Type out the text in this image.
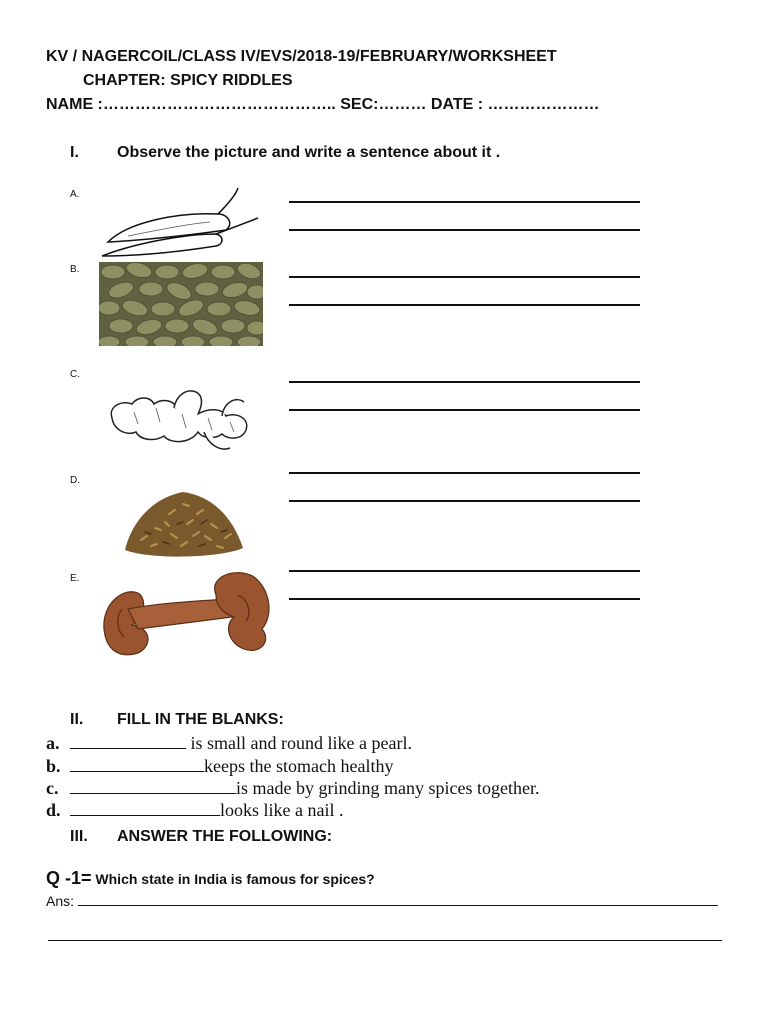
KV / NAGERCOIL/CLASS IV/EVS/2018-19/FEBRUARY/WORKSHEET
CHAPTER: SPICY RIDDLES
NAME :…………………………………….. SEC:……… DATE : …………………
I. Observe the picture and write a sentence about it .
A.
B.
C.
D.
E.
II. FILL IN THE BLANKS:
a.	is small and round like a pearl.
b.	keeps the stomach healthy
c.	is made by grinding many spices together.
d.	looks like a nail .
III. ANSWER THE FOLLOWING:
Q -1= Which state in India is famous for spices?
Ans:
